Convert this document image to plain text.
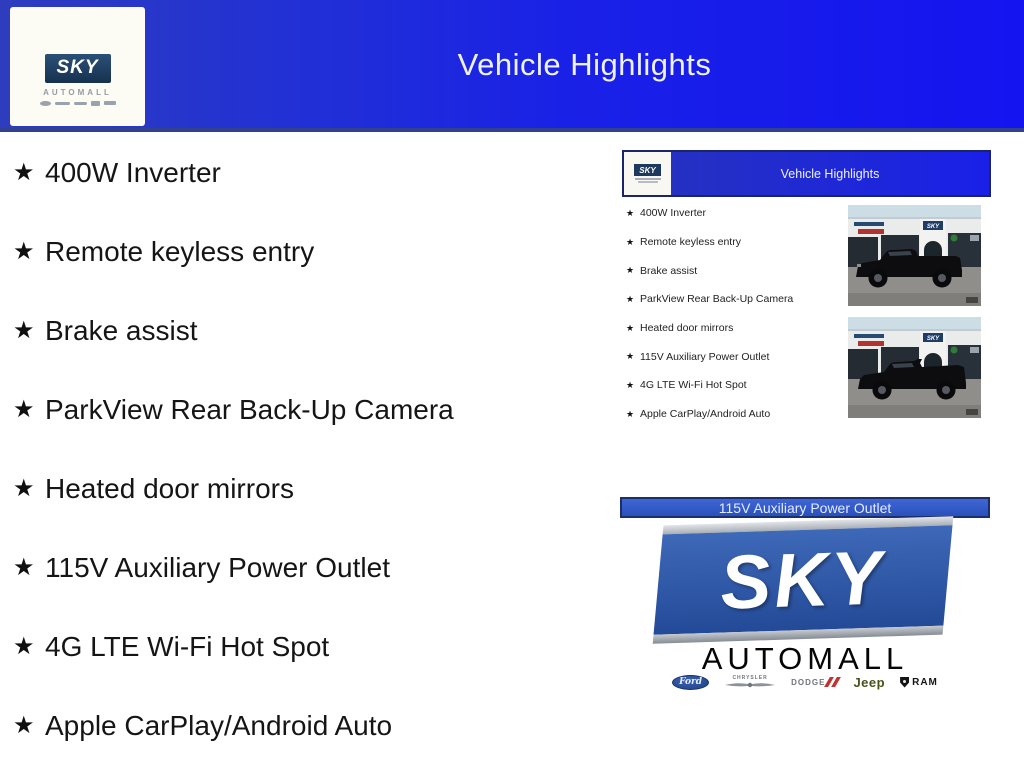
SKY
AUTOMALL
Vehicle Highlights
★ 400W Inverter
★ Remote keyless entry
★ Brake assist
★ ParkView Rear Back-Up Camera
★ Heated door mirrors
★ 115V Auxiliary Power Outlet
★ 4G LTE Wi-Fi Hot Spot
★ Apple CarPlay/Android Auto
SKY	Vehicle Highlights
★ 400W Inverter
★ Remote keyless entry
★ Brake assist
★ ParkView Rear Back-Up Camera
★ Heated door mirrors
★ 115V Auxiliary Power Outlet
★ 4G LTE Wi-Fi Hot Spot
★ Apple CarPlay/Android Auto
SKY
SKY
115V Auxiliary Power Outlet
SKY
AUTOMALL
Ford	CHRYSLER	DODGE Jeep	RAM
